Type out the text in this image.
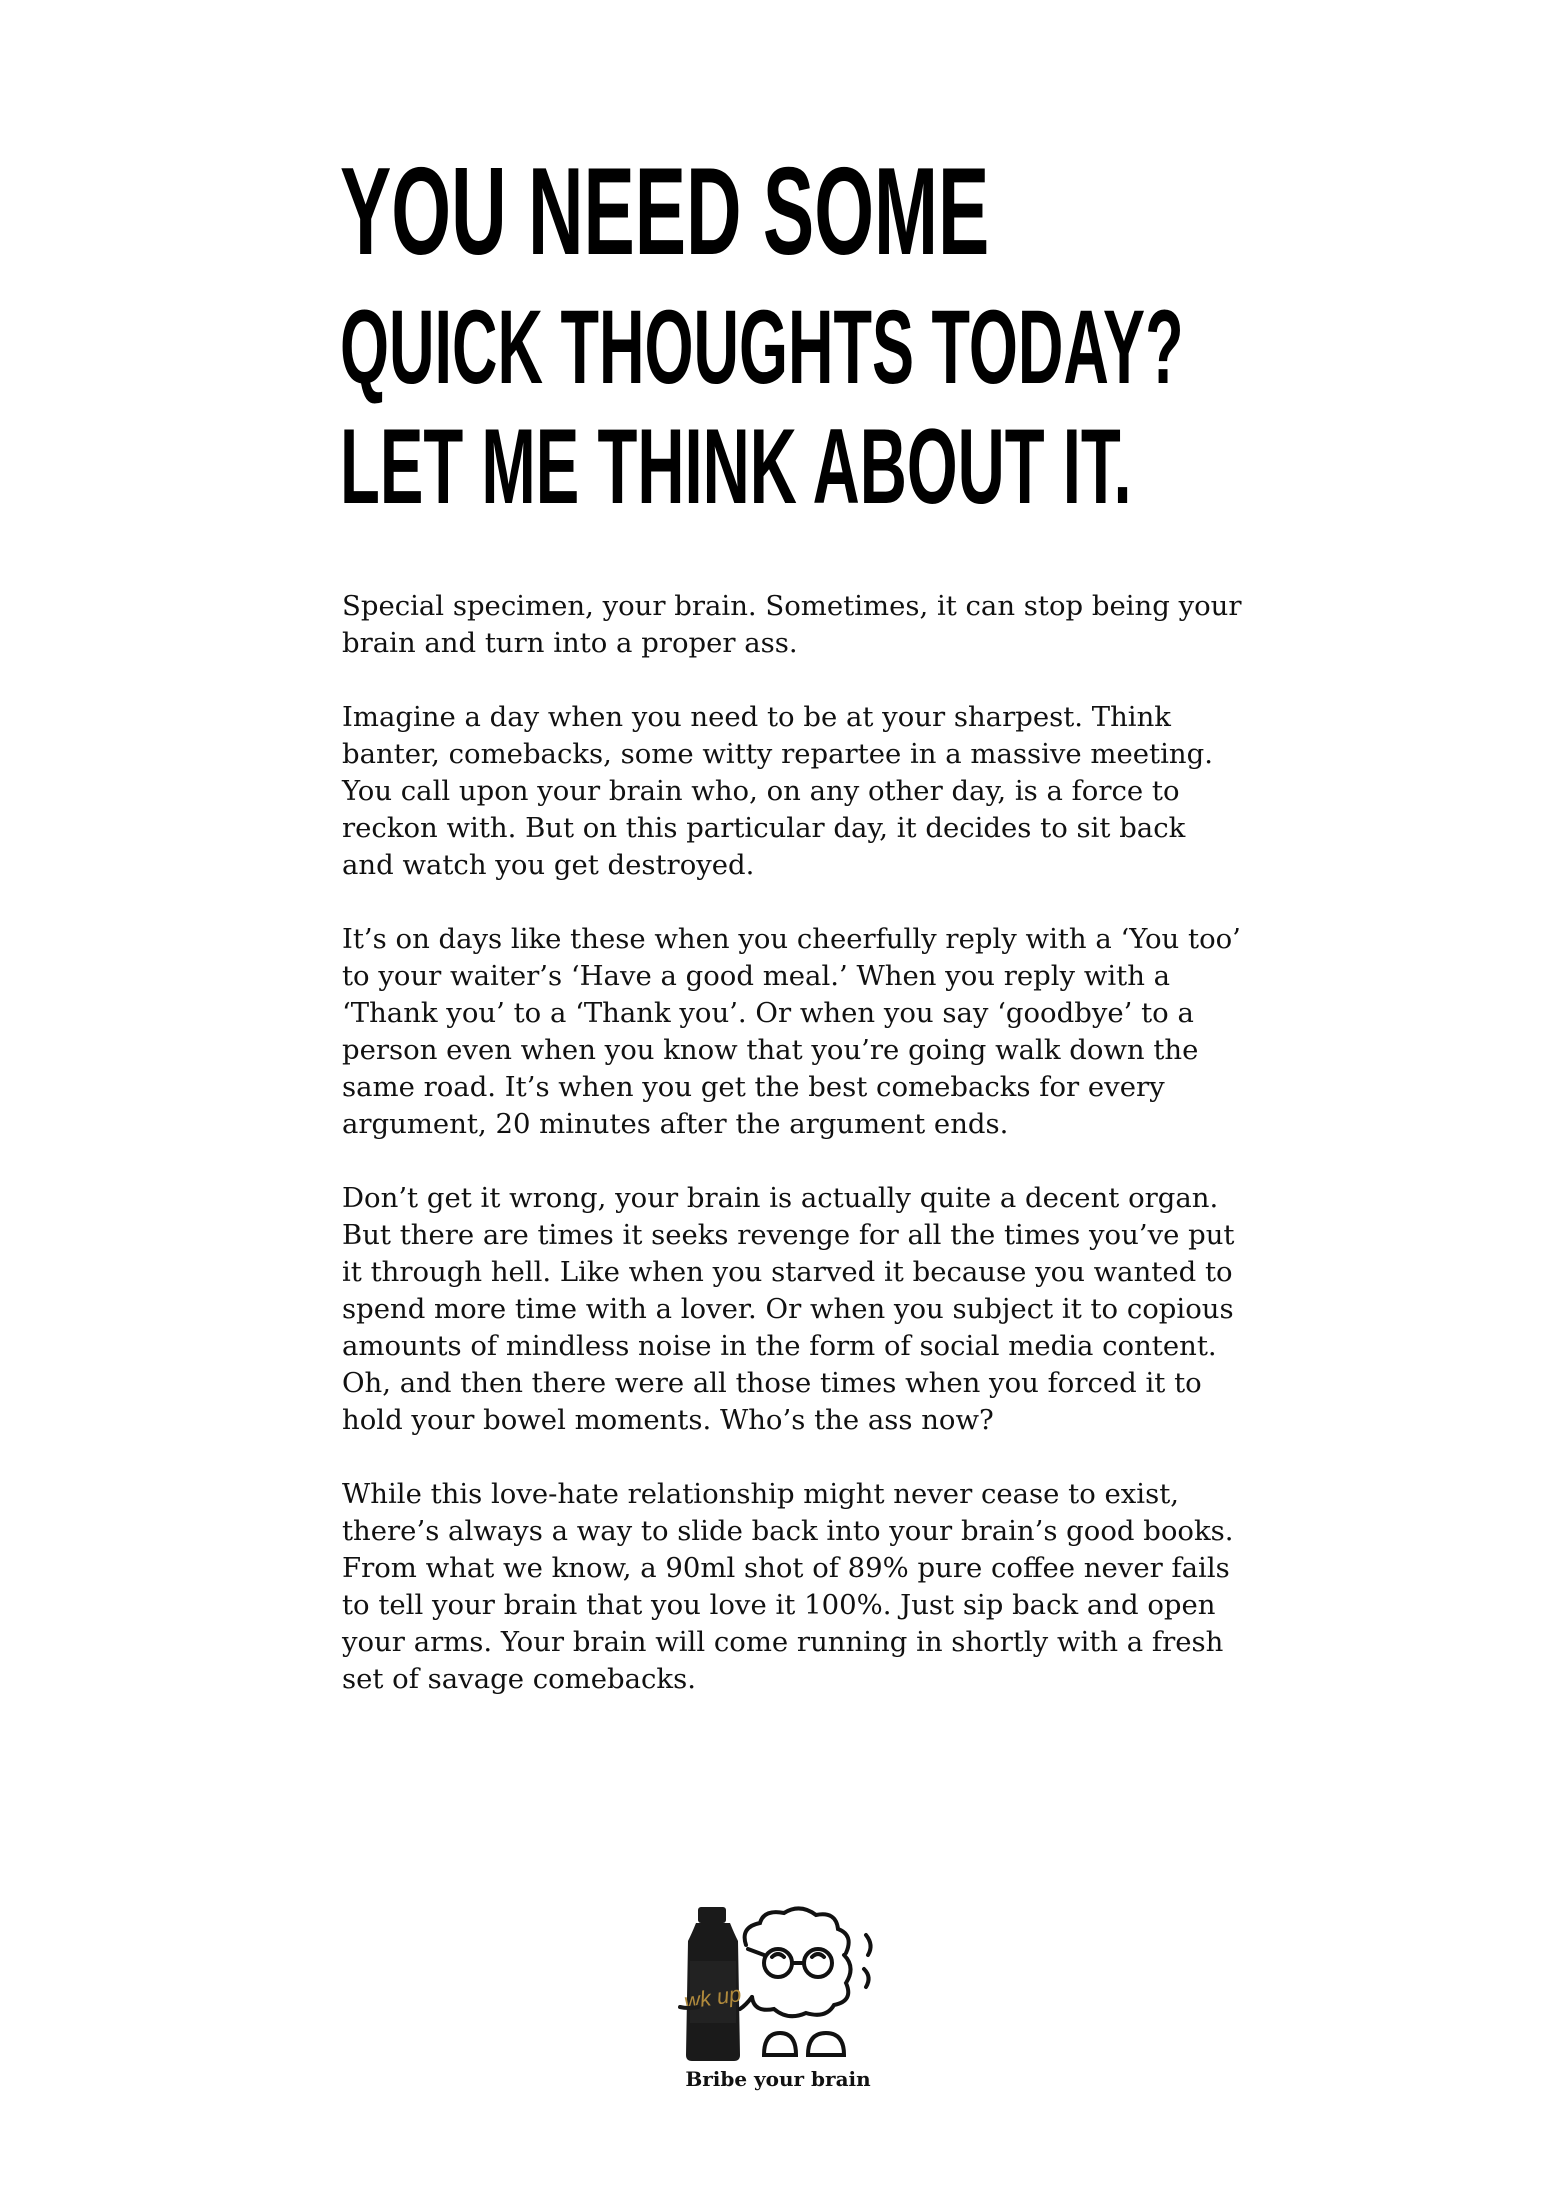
YOU NEED SOME
QUICK THOUGHTS TODAY?
LET ME THINK ABOUT IT.

Special specimen, your brain. Sometimes, it can stop being your brain and turn into a proper ass.

Imagine a day when you need to be at your sharpest. Think banter, comebacks, some witty repartee in a massive meeting. You call upon your brain who, on any other day, is a force to reckon with. But on this particular day, it decides to sit back and watch you get destroyed.

It’s on days like these when you cheerfully reply with a ‘You too’ to your waiter’s ‘Have a good meal.’ When you reply with a ‘Thank you’ to a ‘Thank you’. Or when you say ‘goodbye’ to a person even when you know that you’re going walk down the same road. It’s when you get the best comebacks for every argument, 20 minutes after the argument ends.

Don’t get it wrong, your brain is actually quite a decent organ. But there are times it seeks revenge for all the times you’ve put it through hell. Like when you starved it because you wanted to spend more time with a lover. Or when you subject it to copious amounts of mindless noise in the form of social media content. Oh, and then there were all those times when you forced it to hold your bowel moments. Who’s the ass now?

While this love-hate relationship might never cease to exist, there’s always a way to slide back into your brain’s good books. From what we know, a 90ml shot of 89% pure coffee never fails to tell your brain that you love it 100%. Just sip back and open your arms. Your brain will come running in shortly with a fresh set of savage comebacks.

wk up
Bribe your brain
